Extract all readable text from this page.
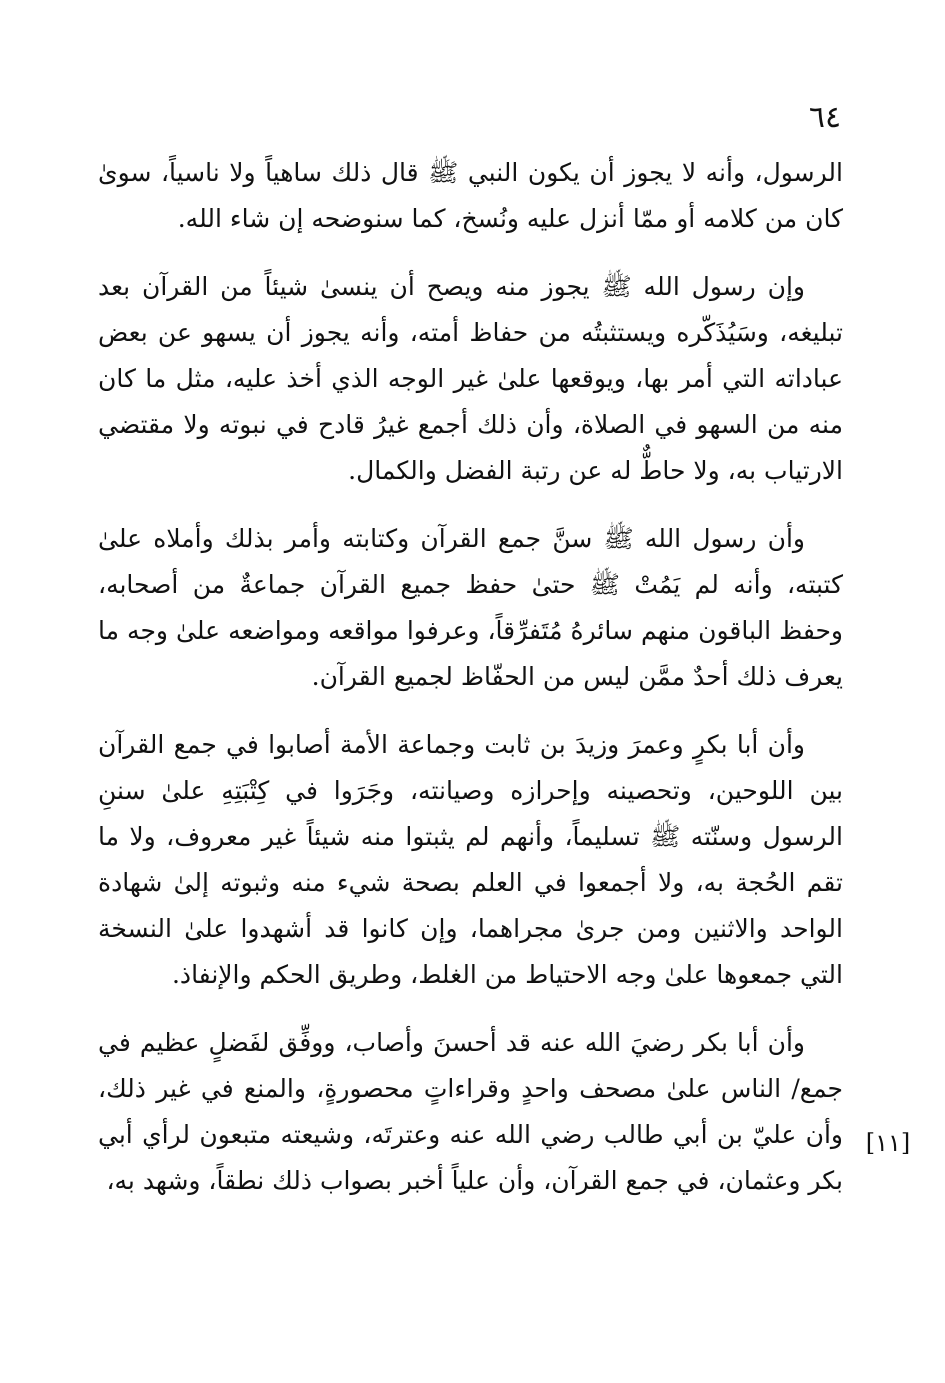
٦٤

الرسول، وأنه لا يجوز أن يكون النبي ﷺ قال ذلك ساهياً ولا ناسياً، سوىٰ كان من كلامه أو ممّا أنزل عليه ونُسخ، كما سنوضحه إن شاء الله.

وإن رسول الله ﷺ يجوز منه ويصح أن ينسىٰ شيئاً من القرآن بعد تبليغه، وسَيُذَكّره ويستثبتُه من حفاظ أمته، وأنه يجوز أن يسهو عن بعض عباداته التي أمر بها، ويوقعها علىٰ غير الوجه الذي أخذ عليه، مثل ما كان منه من السهو في الصلاة، وأن ذلك أجمع غيرُ قادح في نبوته ولا مقتضي الارتياب به، ولا حاطٌّ له عن رتبة الفضل والكمال.

وأن رسول الله ﷺ سنَّ جمع القرآن وكتابته وأمر بذلك وأملاه علىٰ كتبته، وأنه لم يَمُتْ ﷺ حتىٰ حفظ جميع القرآن جماعةٌ من أصحابه، وحفظ الباقون منهم سائرهُ مُتَفرِّقاً، وعرفوا مواقعه ومواضعه علىٰ وجه ما يعرف ذلك أحدٌ ممَّن ليس من الحفّاظ لجميع القرآن.

وأن أبا بكرٍ وعمرَ وزيدَ بن ثابت وجماعة الأمة أصابوا في جمع القرآن بين اللوحين، وتحصينه وإحرازه وصيانته، وجَرَوا في كِتْبَتِهِ علىٰ سننِ الرسول وسنّته ﷺ تسليماً، وأنهم لم يثبتوا منه شيئاً غير معروف، ولا ما تقم الحُجة به، ولا أجمعوا في العلم بصحة شيء منه وثبوته إلىٰ شهادة الواحد والاثنين ومن جرىٰ مجراهما، وإن كانوا قد أشهدوا علىٰ النسخة التي جمعوها علىٰ وجه الاحتياط من الغلط، وطريق الحكم والإنفاذ.

وأن أبا بكر رضيَ الله عنه قد أحسنَ وأصاب، ووفِّق لفَضلٍ عظيم في جمع/ الناس علىٰ مصحف واحدٍ وقراءاتٍ محصورةٍ، والمنع في غير ذلك، وأن عليّ بن أبي طالب رضي الله عنه وعترتَه، وشيعته متبعون لرأي أبي بكر وعثمان، في جمع القرآن، وأن علياً أخبر بصواب ذلك نطقاً، وشهد به،

[١١]
